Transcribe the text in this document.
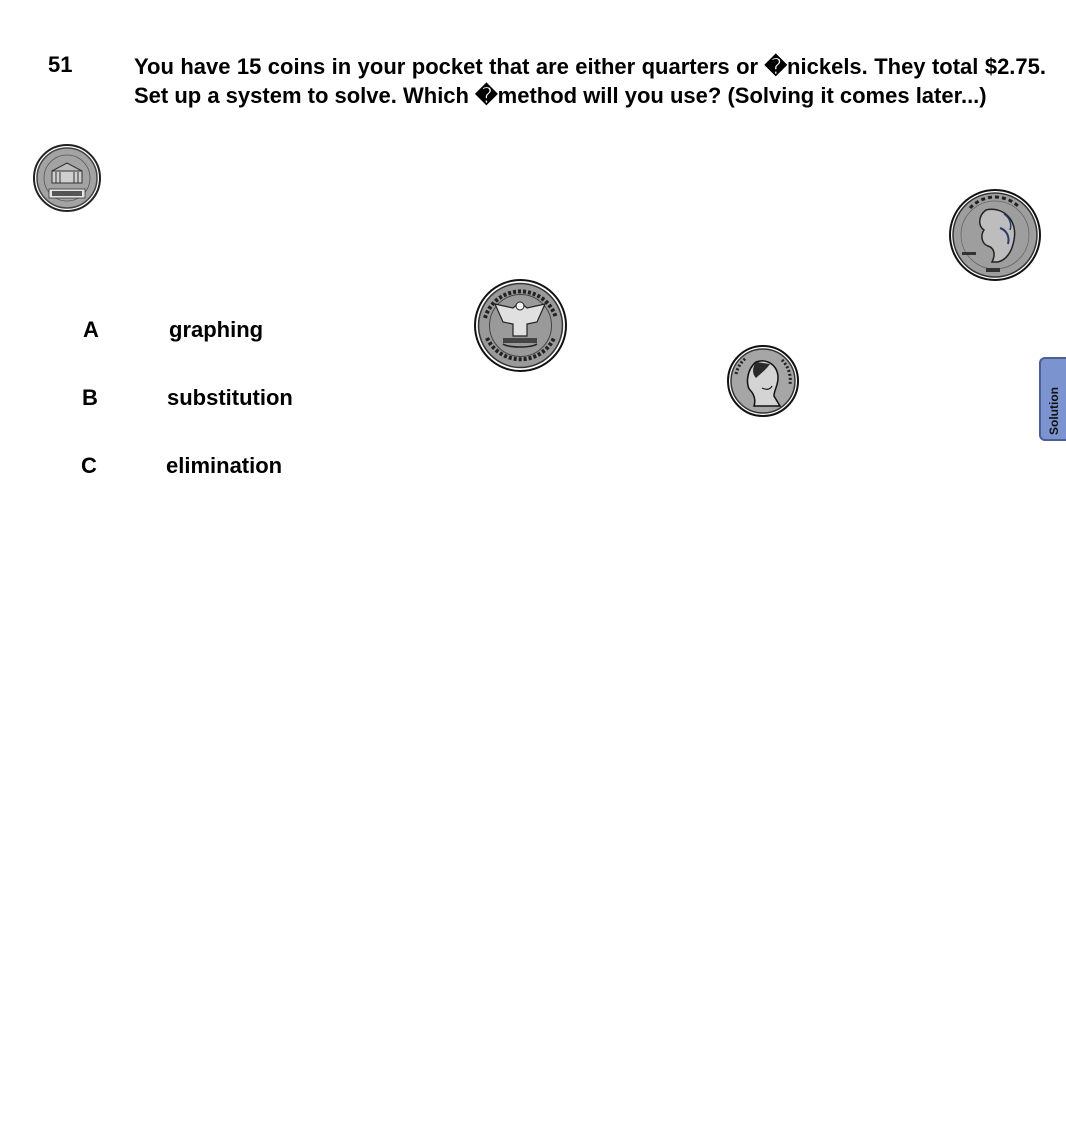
51	You have 15 coins in your pocket that are either quarters or �nickels. They total $2.75. Set up a system to solve. Which �method will you use? (Solving it comes later...)
A	graphing
B	substitution
C	elimination
Solution
